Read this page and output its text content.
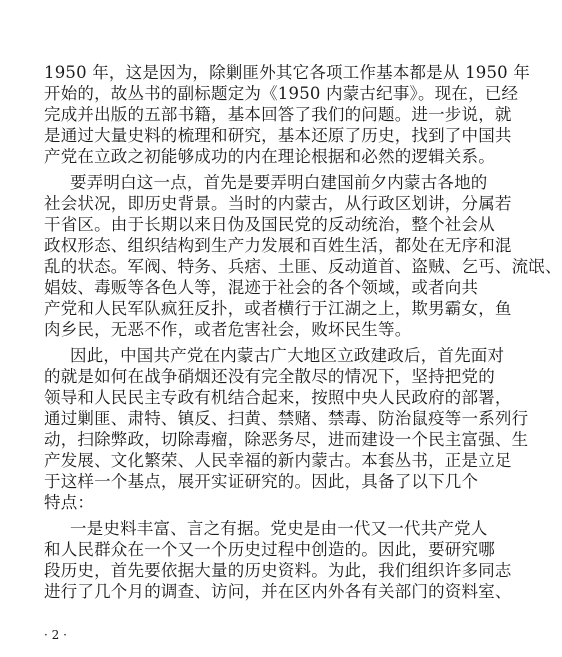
1950 年，这是因为，除剿匪外其它各项工作基本都是从 1950 年
开始的，故丛书的副标题定为《1950 内蒙古纪事》。现在，已经
完成并出版的五部书籍，基本回答了我们的问题。进一步说，就
是通过大量史料的梳理和研究，基本还原了历史，找到了中国共
产党在立政之初能够成功的内在理论根据和必然的逻辑关系。
要弄明白这一点，首先是要弄明白建国前夕内蒙古各地的
社会状况，即历史背景。当时的内蒙古，从行政区划讲，分属若
干省区。由于长期以来日伪及国民党的反动统治，整个社会从
政权形态、组织结构到生产力发展和百姓生活，都处在无序和混
乱的状态。军阀、特务、兵痞、土匪、反动道首、盗贼、乞丐、流氓、
娼妓、毒贩等各色人等，混迹于社会的各个领域，或者向共
产党和人民军队疯狂反扑，或者横行于江湖之上，欺男霸女，鱼
肉乡民，无恶不作，或者危害社会，败坏民生等。
因此，中国共产党在内蒙古广大地区立政建政后，首先面对
的就是如何在战争硝烟还没有完全散尽的情况下，坚持把党的
领导和人民民主专政有机结合起来，按照中央人民政府的部署，
通过剿匪、肃特、镇反、扫黄、禁赌、禁毒、防治鼠疫等一系列行
动，扫除弊政，切除毒瘤，除恶务尽，进而建设一个民主富强、生
产发展、文化繁荣、人民幸福的新内蒙古。本套丛书，正是立足
于这样一个基点，展开实证研究的。因此，具备了以下几个
特点：
一是史料丰富、言之有据。党史是由一代又一代共产党人
和人民群众在一个又一个历史过程中创造的。因此，要研究哪
段历史，首先要依据大量的历史资料。为此，我们组织许多同志
进行了几个月的调查、访问，并在区内外各有关部门的资料室、
· 2 ·
